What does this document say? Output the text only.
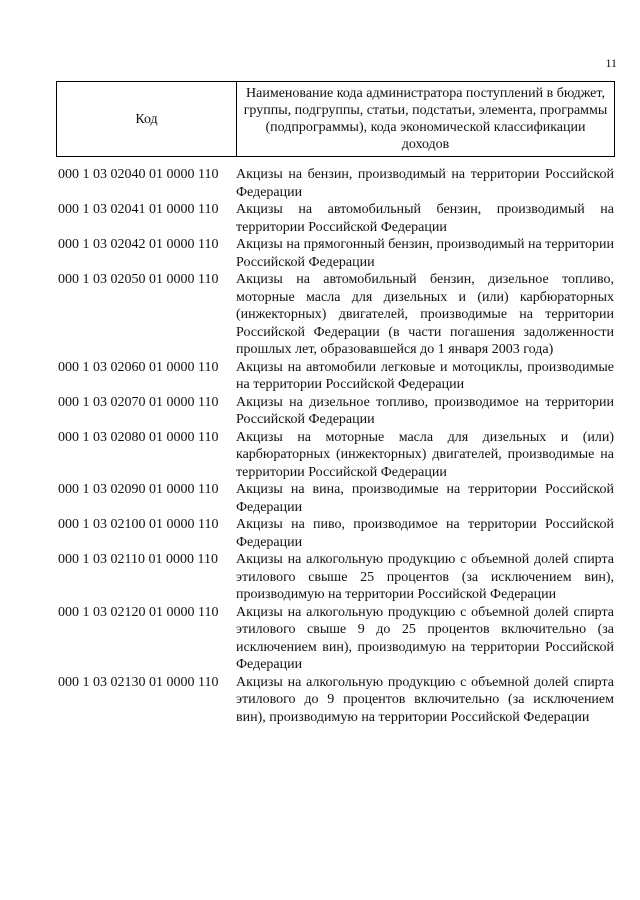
11
Код	Наименование кода администратора поступлений в бюджет, группы, подгруппы, статьи, подстатьи, элемента, программы (подпрограммы), кода экономической классификации доходов
000 1 03 02040 01 0000 110	Акцизы на бензин, производимый на территории Российской Федерации
000 1 03 02041 01 0000 110	Акцизы на автомобильный бензин, производимый на территории Российской Федерации
000 1 03 02042 01 0000 110	Акцизы на прямогонный бензин, производимый на территории Российской Федерации
000 1 03 02050 01 0000 110	Акцизы на автомобильный бензин, дизельное топливо, моторные масла для дизельных и (или) карбюраторных (инжекторных) двигателей, производимые на территории Российской Федерации (в части погашения задолженности прошлых лет, образовавшейся до 1 января 2003 года)
000 1 03 02060 01 0000 110	Акцизы на автомобили легковые и мотоциклы, производимые на территории Российской Федерации
000 1 03 02070 01 0000 110	Акцизы на дизельное топливо, производимое на территории Российской Федерации
000 1 03 02080 01 0000 110	Акцизы на моторные масла для дизельных и (или) карбюраторных (инжекторных) двигателей, производимые на территории Российской Федерации
000 1 03 02090 01 0000 110	Акцизы на вина, производимые на территории Российской Федерации
000 1 03 02100 01 0000 110	Акцизы на пиво, производимое на территории Российской Федерации
000 1 03 02110 01 0000 110	Акцизы на алкогольную продукцию с объемной долей спирта этилового свыше 25 процентов (за исключением вин), производимую на территории Российской Федерации
000 1 03 02120 01 0000 110	Акцизы на алкогольную продукцию с объемной долей спирта этилового свыше 9 до 25 процентов включительно (за исключением вин), производимую на территории Российской Федерации
000 1 03 02130 01 0000 110	Акцизы на алкогольную продукцию с объемной долей спирта этилового до 9 процентов включительно (за исключением вин), производимую на территории Российской Федерации
